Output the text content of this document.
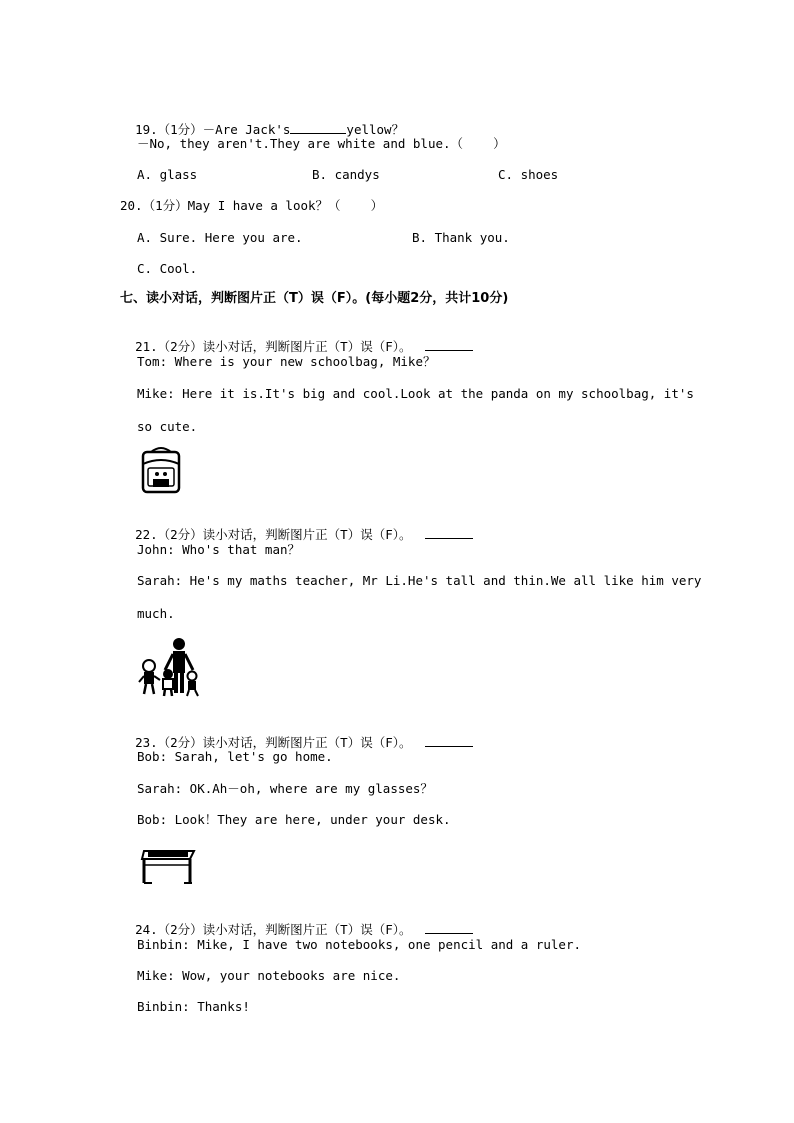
19.（1分）－Are Jack's	yellow？

－No, they aren't.They are white and blue.（    ）
A. glass	B. candys	C. shoes
20.（1分）May I have a look？（    ）
A. Sure. Here you are.	B. Thank you.
C. Cool.
七、读小对话，判断图片正（T）误（F）。(每小题2分，共计10分)

21.（2分）读小对话，判断图片正（T）误（F）。

Tom: Where is your new schoolbag, Mike？
Mike: Here it is.It's big and cool.Look at the panda on my schoolbag, it's
so cute.

22.（2分）读小对话，判断图片正（T）误（F）。

John: Who's that man？
Sarah: He's my maths teacher, Mr Li.He's tall and thin.We all like him very
much.

23.（2分）读小对话，判断图片正（T）误（F）。

Bob: Sarah, let's go home.
Sarah: OK.Ah－oh, where are my glasses？
Bob: Look！They are here, under your desk.

24.（2分）读小对话，判断图片正（T）误（F）。

Binbin: Mike, I have two notebooks, one pencil and a ruler.
Mike: Wow, your notebooks are nice.
Binbin: Thanks!
